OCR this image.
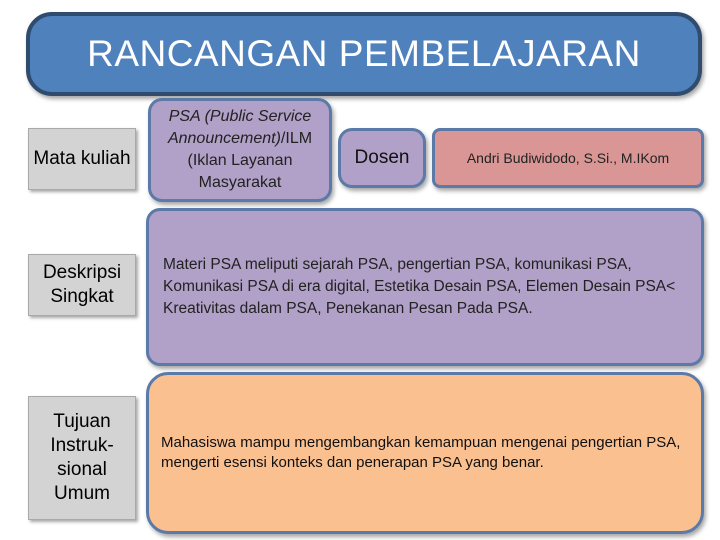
RANCANGAN PEMBELAJARAN
Mata kuliah
PSA (Public Service Announcement)/ILM (Iklan Layanan Masyarakat
Dosen	Andri Budiwidodo, S.Si., M.IKom
Deskripsi Singkat
Materi PSA meliputi sejarah PSA, pengertian PSA, komunikasi PSA, Komunikasi PSA di era digital, Estetika Desain PSA, Elemen Desain PSA< Kreativitas dalam PSA, Penekanan Pesan Pada PSA.
Tujuan Instruk-sional Umum
Mahasiswa mampu mengembangkan kemampuan mengenai pengertian PSA, mengerti esensi konteks dan penerapan PSA yang benar.
